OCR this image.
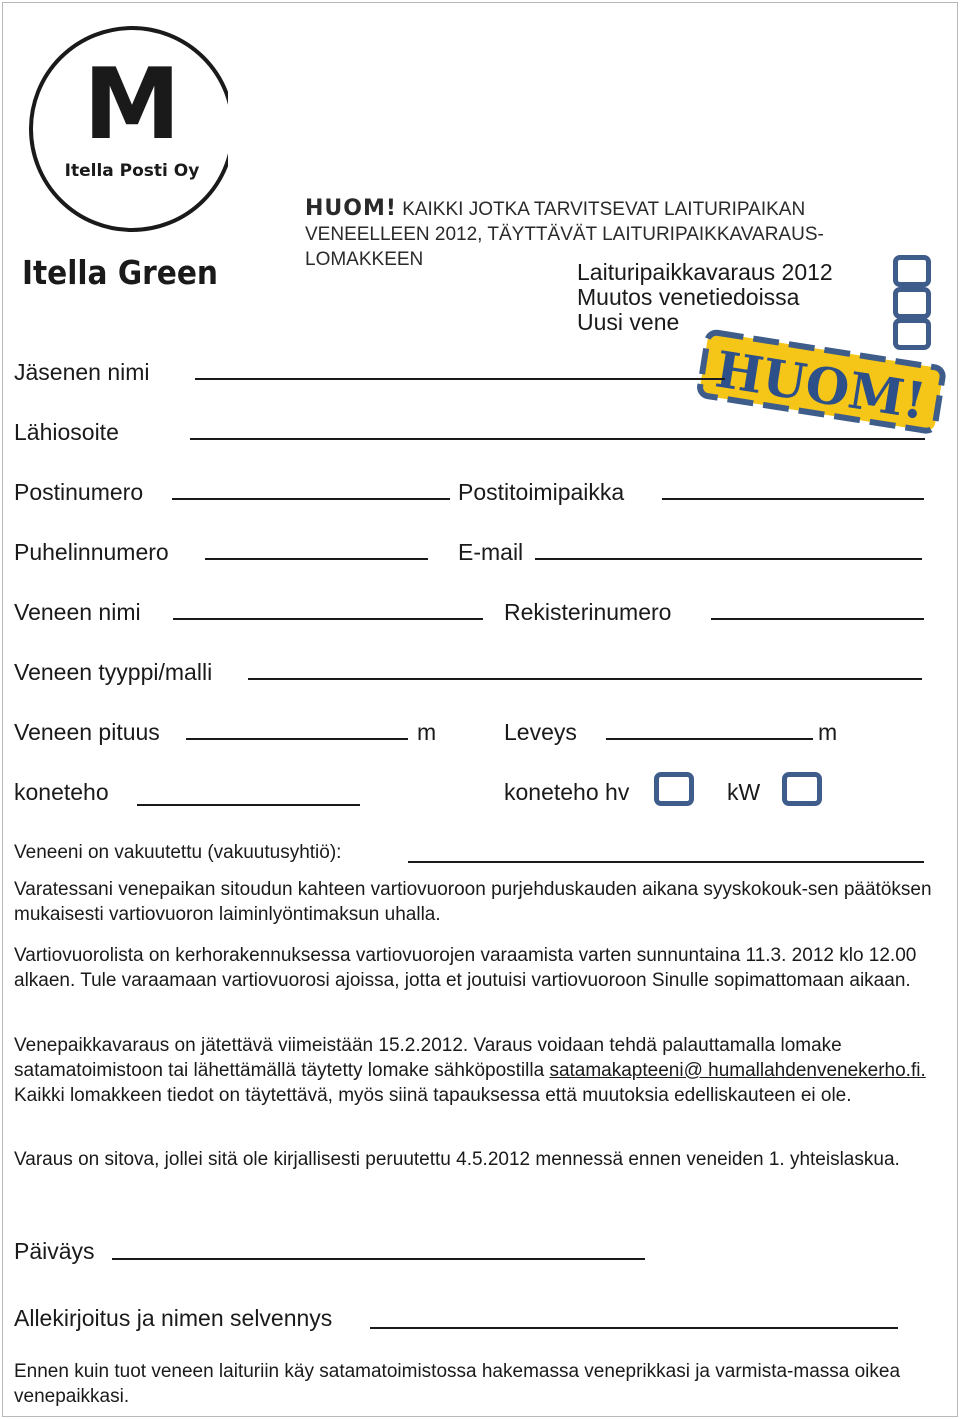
M
Itella Posti Oy
Itella Green
HUOM! KAIKKI JOTKA TARVITSEVAT LAITURIPAIKAN
VENEELLEEN 2012, TÄYTTÄVÄT LAITURIPAIKKAVARAUS-
LOMAKKEEN	Laituripaikkavaraus 2012
Muutos venetiedoissa
Uusi vene
HUOM!
Jäsenen nimi
Lähiosoite
Postinumero	Postitoimipaikka
Puhelinnumero	E-mail
Veneen nimi	Rekisterinumero
Veneen tyyppi/malli
Veneen pituus	m	Leveys	m
koneteho	koneteho hv	kW
Veneeni on vakuutettu (vakuutusyhtiö):

Varatessani venepaikan sitoudun kahteen vartiovuoroon purjehduskauden aikana syyskokouk-sen päätöksen mukaisesti vartiovuoron laiminlyöntimaksun uhalla.

Vartiovuorolista on kerhorakennuksessa vartiovuorojen varaamista varten sunnuntaina 11.3. 2012 klo 12.00 alkaen. Tule varaamaan vartiovuorosi ajoissa, jotta et joutuisi vartiovuoroon Sinulle sopimattomaan aikaan.

Venepaikkavaraus on jätettävä viimeistään 15.2.2012. Varaus voidaan tehdä palauttamalla lomake satamatoimistoon tai lähettämällä täytetty lomake sähköpostilla satamakapteeni@ humallahdenvenekerho.fi. Kaikki lomakkeen tiedot on täytettävä, myös siinä tapauksessa että muutoksia edelliskauteen ei ole.

Varaus on sitova, jollei sitä ole kirjallisesti peruutettu 4.5.2012 mennessä ennen veneiden 1. yhteislaskua.

Päiväys
Allekirjoitus ja nimen selvennys

Ennen kuin tuot veneen laituriin käy satamatoimistossa hakemassa veneprikkasi ja varmista-massa oikea venepaikkasi.
